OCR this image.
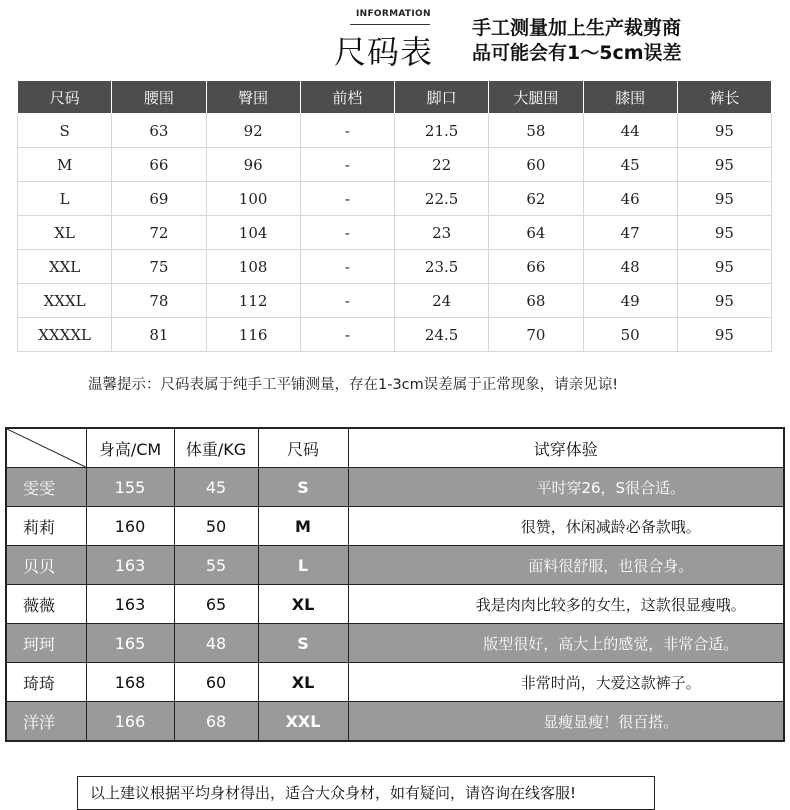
INFORMATION
尺码表
手工测量加上生产裁剪商
品可能会有1～5cm误差
尺码	腰围	臀围	前档	脚口	大腿围	膝围	裤长
S	63	92	-	21.5	58	44	95
M	66	96	-	22	60	45	95
L	69	100	-	22.5	62	46	95
XL	72	104	-	23	64	47	95
XXL	75	108	-	23.5	66	48	95
XXXL	78	112	-	24	68	49	95
XXXXL	81	116	-	24.5	70	50	95
温馨提示：尺码表属于纯手工平铺测量，存在1-3cm误差属于正常现象，请亲见谅!
	身高/CM	体重/KG	尺码	试穿体验
雯雯	155	45	S	平时穿26，S很合适。
莉莉	160	50	M	很赞，休闲减龄必备款哦。
贝贝	163	55	L	面料很舒服，也很合身。
薇薇	163	65	XL	我是肉肉比较多的女生，这款很显瘦哦。
珂珂	165	48	S	版型很好，高大上的感觉，非常合适。
琦琦	168	60	XL	非常时尚，大爱这款裤子。
洋洋	166	68	XXL	显瘦显瘦！很百搭。
以上建议根据平均身材得出，适合大众身材，如有疑问，请咨询在线客服!
